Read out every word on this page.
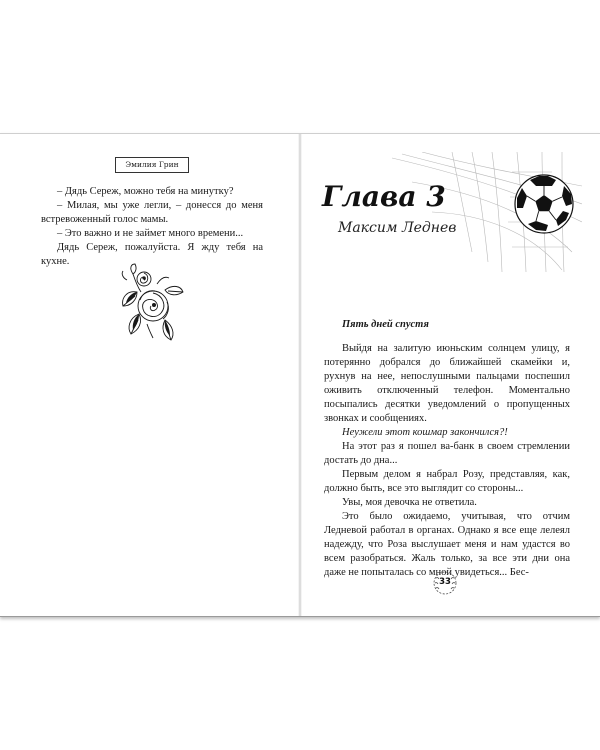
Эмилия Грин

– Дядь Сереж, можно тебя на минутку?

– Милая, мы уже легли, – донесся до меня встревоженный голос мамы.

– Это важно и не займет много времени...

Дядь Сереж, пожалуйста. Я жду тебя на кухне.

Глава 3
Максим Леднев

Пять дней спустя

Выйдя на залитую июньским солнцем улицу, я потерянно добрался до ближайшей скамейки и, рухнув на нее, непослушными пальцами поспешил оживить отключенный телефон. Моментально посыпались десятки уведомлений о пропущенных звонках и сообщениях.

Неужели этот кошмар закончился?!

На этот раз я пошел ва-банк в своем стремлении достать до дна...

Первым делом я набрал Розу, представляя, как, должно быть, все это выглядит со стороны...

Увы, моя девочка не ответила.

Это было ожидаемо, учитывая, что отчим Ледневой работал в органах. Однако я все еще лелеял надежду, что Роза выслушает меня и нам удастся во всем разобраться. Жаль только, за все эти дни она даже не попыталась со мной увидеться... Бес-

33
